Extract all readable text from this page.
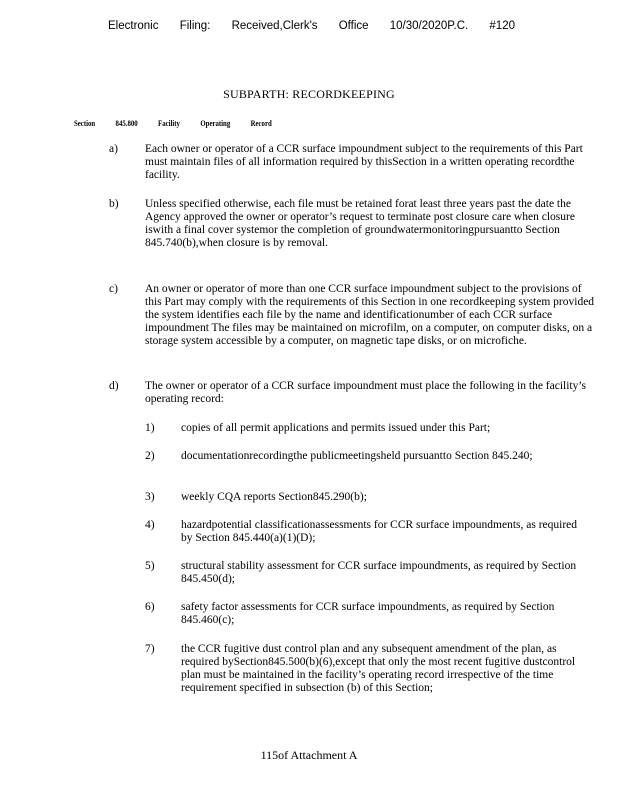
Electronic Filing: Received,Clerk's Office 10/30/2020P.C. #120
SUBPARTH: RECORDKEEPING
Section	845.800	Facility	Operating	Record
a) Each owner or operator of a CCR surface impoundment subject to the requirements of this Part must maintain files of all information required by thisSection in a written operating recordthe facility.
b) Unless specified otherwise, each file must be retained forat least three years past the date the Agency approved the owner or operator’s request to terminate post closure care when closure iswith a final cover systemor the completion of groundwatermonitoringpursuantto Section 845.740(b),when closure is by removal.
c) An owner or operator of more than one CCR surface impoundment subject to the provisions of this Part may comply with the requirements of this Section in one recordkeeping system provided the system identifies each file by the name and identificationumber of each CCR surface impoundment The files may be maintained on microfilm, on a computer, on computer disks, on a storage system accessible by a computer, on magnetic tape disks, or on microfiche.
d) The owner or operator of a CCR surface impoundment must place the following in the facility’s operating record:
1) copies of all permit applications and permits issued under this Part;
2) documentationrecordingthe publicmeetingsheld pursuantto Section 845.240;
3) weekly CQA reports Section845.290(b);
4) hazardpotential classificationassessments for CCR surface impoundments, as required by Section 845.440(a)(1)(D);
5) structural stability assessment for CCR surface impoundments, as required by Section 845.450(d);
6) safety factor assessments for CCR surface impoundments, as required by Section 845.460(c);
7) the CCR fugitive dust control plan and any subsequent amendment of the plan, as required bySection845.500(b)(6),except that only the most recent fugitive dustcontrol plan must be maintained in the facility’s operating record irrespective of the time requirement specified in subsection (b) of this Section;
115of Attachment A
